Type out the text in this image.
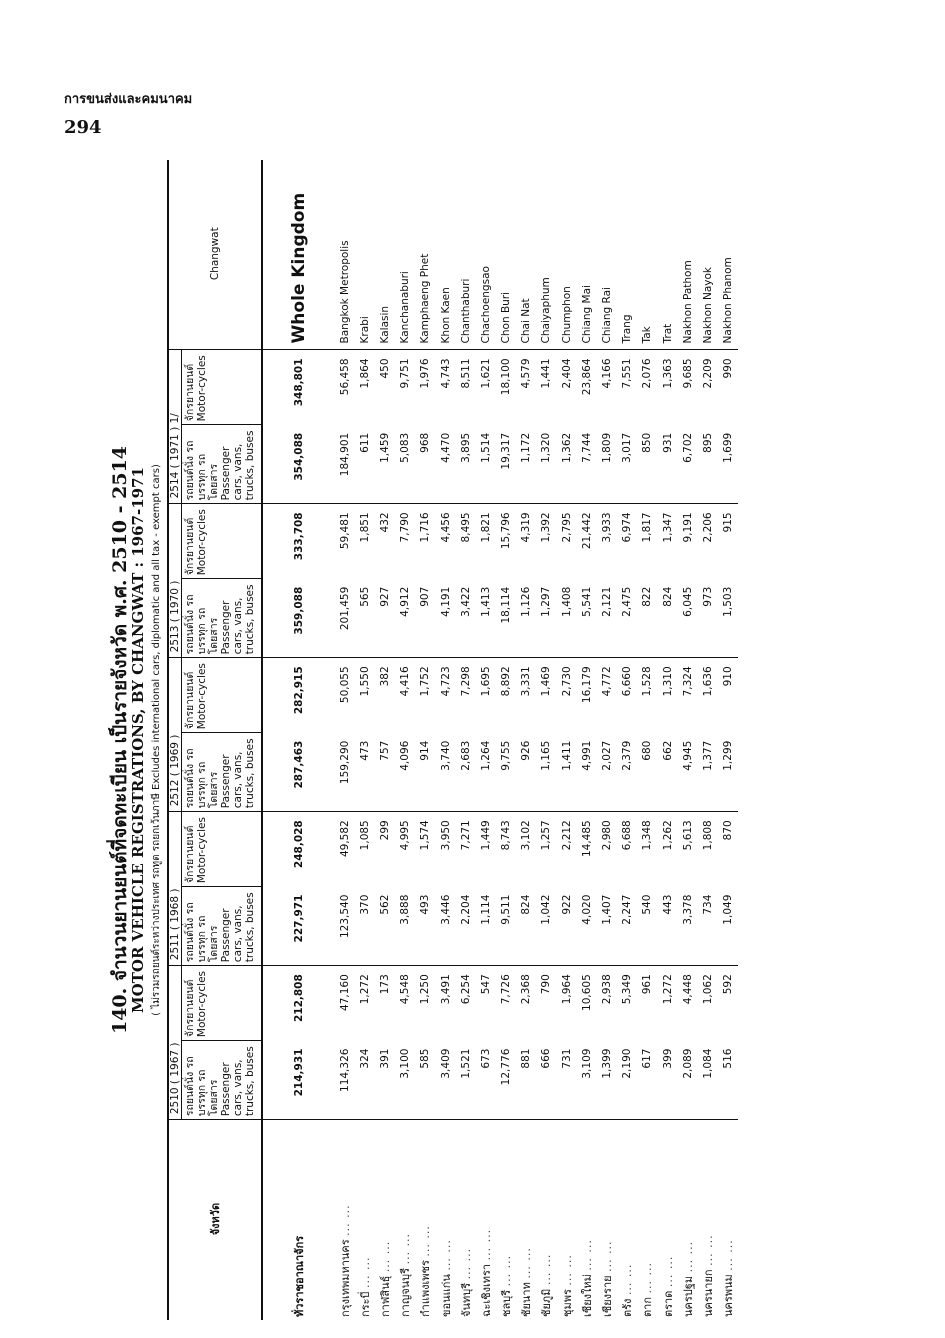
การขนส่งและคมนาคม
294
140. จำนวนยานยนต์ที่จดทะเบียน เป็นรายจังหวัด พ.ศ. 2510 - 2514
MOTOR VEHICLE REGISTRATIONS, BY CHANGWAT : 1967-1971 ( ไม่รวมรถยนต์ระหว่างประเทศ รถทูต รถยกเว้นภาษี Excludes international cars, diplomatic and all tax - exempt cars)
จังหวัด	2510 ( 1967 )		2511 ( 1968 )		2512 ( 1969 )		2513 ( 1970 )		2514 ( 1971 ) 1/		Changwat
	รถยนต์นั่ง รถบรรทุก รถโดยสาร
Passenger cars, vans, trucks, buses	จักรยานยนต์
Motor-cycles	รถยนต์นั่ง รถบรรทุก รถโดยสาร
Passenger cars, vans, trucks, buses	จักรยานยนต์
Motor-cycles	รถยนต์นั่ง รถบรรทุก รถโดยสาร
Passenger cars, vans, trucks, buses	จักรยานยนต์
Motor-cycles	รถยนต์นั่ง รถบรรทุก รถโดยสาร
Passenger cars, vans, trucks, buses	จักรยานยนต์
Motor-cycles	รถยนต์นั่ง รถบรรทุก รถโดยสาร
Passenger cars, vans, trucks, buses	จักรยานยนต์
Motor-cycles	
ทั่วราชอาณาจักร	214,931	212,808	227,971	248,028	287,463	282,915	359,088	333,708	354,088	348,801	Whole Kingdom
กรุงเทพมหานคร ... ...	114,326	47,160	123,540	49,582	159,290	50,055	201,459	59,481	184,901	56,458	Bangkok Metropolis
กระบี่ ... ...	324	1,272	370	1,085	473	1,550	565	1,851	611	1,864	Krabi
กาฬสินธุ์ ... ...	391	173	562	299	757	382	927	432	1,459	450	Kalasin
กาญจนบุรี ... ...	3,100	4,548	3,888	4,995	4,096	4,416	4,912	7,790	5,083	9,751	Kanchanaburi
กำแพงเพชร ... ...	585	1,250	493	1,574	914	1,752	907	1,716	968	1,976	Kamphaeng Phet
ขอนแก่น ... ...	3,409	3,491	3,446	3,950	3,740	4,723	4,191	4,456	4,470	4,743	Khon Kaen
จันทบุรี ... ...	1,521	6,254	2,204	7,271	2,683	7,298	3,422	8,495	3,895	8,511	Chanthaburi
ฉะเชิงเทรา ... ...	673	547	1,114	1,449	1,264	1,695	1,413	1,821	1,514	1,621	Chachoengsao
ชลบุรี ... ...	12,776	7,726	9,511	8,743	9,755	8,892	18,114	15,796	19,317	18,100	Chon Buri
ชัยนาท ... ...	881	2,368	824	3,102	926	3,331	1,126	4,319	1,172	4,579	Chai Nat
ชัยภูมิ ... ...	666	790	1,042	1,257	1,165	1,469	1,297	1,392	1,320	1,441	Chaiyaphum
ชุมพร ... ...	731	1,964	922	2,212	1,411	2,730	1,408	2,795	1,362	2,404	Chumphon
เชียงใหม่ ... ...	3,109	10,605	4,020	14,485	4,991	16,179	5,541	21,442	7,744	23,864	Chiang Mai
เชียงราย ... ...	1,399	2,938	1,407	2,980	2,027	4,772	2,121	3,933	1,809	4,166	Chiang Rai
ตรัง ... ...	2,190	5,349	2,247	6,688	2,379	6,660	2,475	6,974	3,017	7,551	Trang
ตาก ... ...	617	961	540	1,348	680	1,528	822	1,817	850	2,076	Tak
ตราด ... ...	399	1,272	443	1,262	662	1,310	824	1,347	931	1,363	Trat
นครปฐม ... ...	2,089	4,448	3,378	5,613	4,945	7,324	6,045	9,191	6,702	9,685	Nakhon Pathom
นครนายก ... ...	1,084	1,062	734	1,808	1,377	1,636	973	2,206	895	2,209	Nakhon Nayok
นครพนม ... ...	516	592	1,049	870	1,299	910	1,503	915	1,699	990	Nakhon Phanom
